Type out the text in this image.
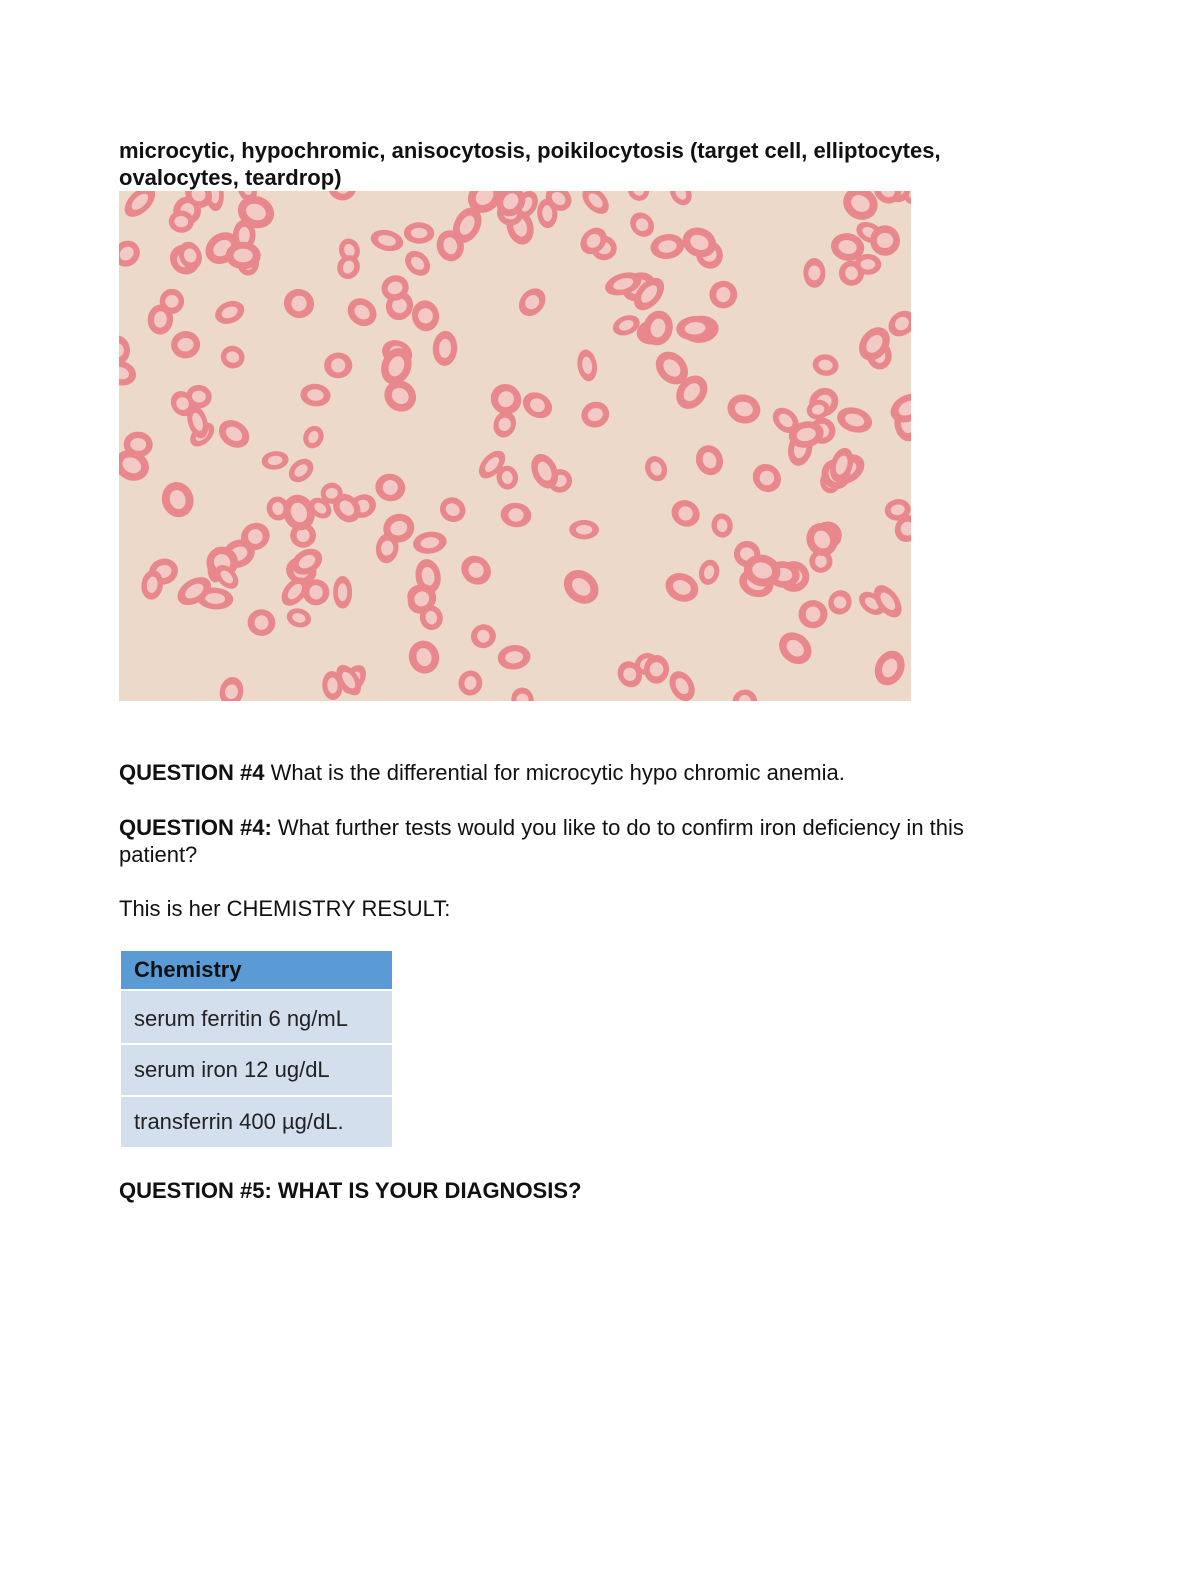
microcytic, hypochromic, anisocytosis, poikilocytosis (target cell, elliptocytes, ovalocytes, teardrop)

QUESTION #4 What is the differential for microcytic hypo chromic anemia.

QUESTION #4: What further tests would you like to do to confirm iron deficiency in this patient?

This is her CHEMISTRY RESULT:

Chemistry
serum ferritin 6 ng/mL
serum iron 12 ug/dL
transferrin 400 µg/dL.

QUESTION #5: WHAT IS YOUR DIAGNOSIS?
